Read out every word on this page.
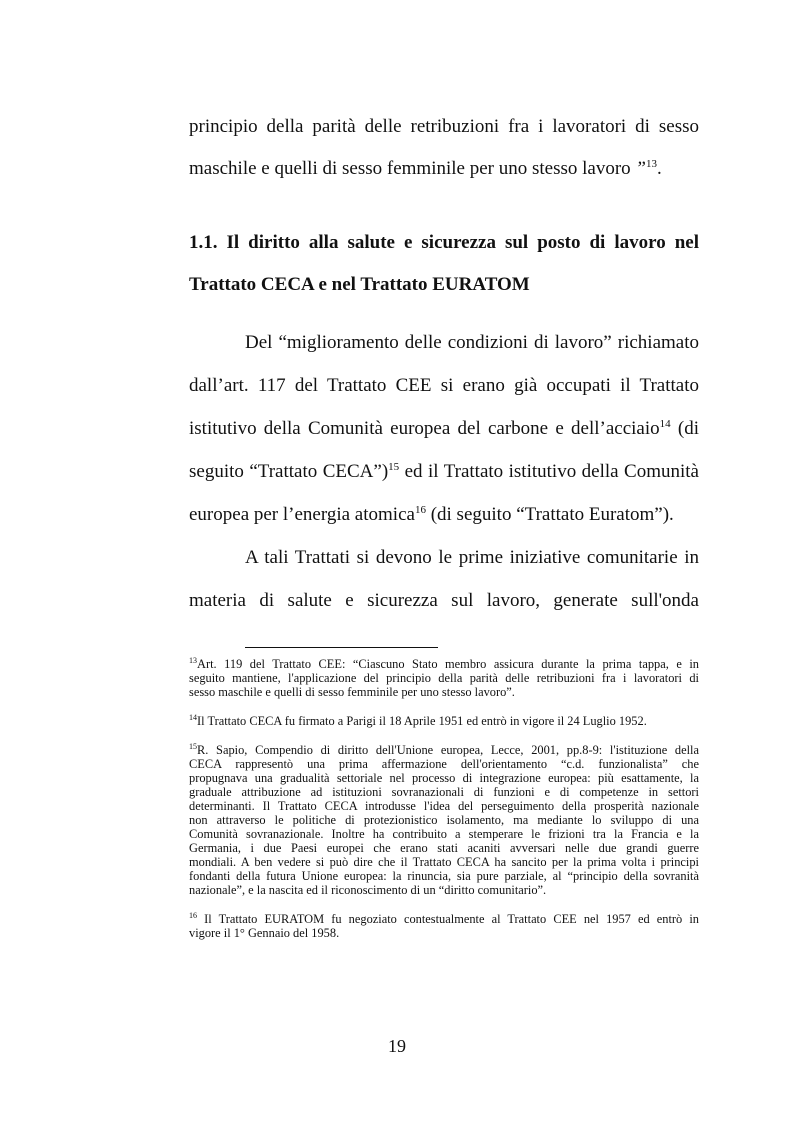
principio della parità delle retribuzioni fra i lavoratori di sesso
maschile e quelli di sesso femminile per uno stesso lavoro ”$^{13}$.
1.1. Il diritto alla salute e sicurezza sul posto di lavoro nel
Trattato CECA e nel Trattato EURATOM
Del “miglioramento delle condizioni di lavoro” richiamato
dall’art. 117 del Trattato CEE si erano già occupati il Trattato
istitutivo della Comunità europea del carbone e dell’acciaio$^{14}$ (di
seguito “Trattato CECA”)$^{15}$ ed il Trattato istitutivo della Comunità
europea per l’energia atomica$^{16}$ (di seguito “Trattato Euratom”).
A tali Trattati si devono le prime iniziative comunitarie in
materia di salute e sicurezza sul lavoro, generate sull'onda
$^{13}$Art. 119 del Trattato CEE: “Ciascuno Stato membro assicura durante la prima tappa, e in
seguito mantiene, l'applicazione del principio della parità delle retribuzioni fra i lavoratori di
sesso maschile e quelli di sesso femminile per uno stesso lavoro”.
$^{14}$Il Trattato CECA fu firmato a Parigi il 18 Aprile 1951 ed entrò in vigore il 24 Luglio 1952.
$^{15}$R. Sapio, Compendio di diritto dell'Unione europea, Lecce, 2001, pp.8-9: l'istituzione della
CECA rappresentò una prima affermazione dell'orientamento “c.d. funzionalista” che
propugnava una gradualità settoriale nel processo di integrazione europea: più esattamente, la
graduale attribuzione ad istituzioni sovranazionali di funzioni e di competenze in settori
determinanti. Il Trattato CECA introdusse l'idea del perseguimento della prosperità nazionale
non attraverso le politiche di protezionistico isolamento, ma mediante lo sviluppo di una
Comunità sovranazionale. Inoltre ha contribuito a stemperare le frizioni tra la Francia e la
Germania, i due Paesi europei che erano stati acaniti avversari nelle due grandi guerre
mondiali. A ben vedere si può dire che il Trattato CECA ha sancito per la prima volta i principi
fondanti della futura Unione europea: la rinuncia, sia pure parziale, al “principio della sovranità
nazionale”, e la nascita ed il riconoscimento di un “diritto comunitario”.
$^{16}$ Il Trattato EURATOM fu negoziato contestualmente al Trattato CEE nel 1957 ed entrò in
vigore il 1° Gennaio del 1958.
19
